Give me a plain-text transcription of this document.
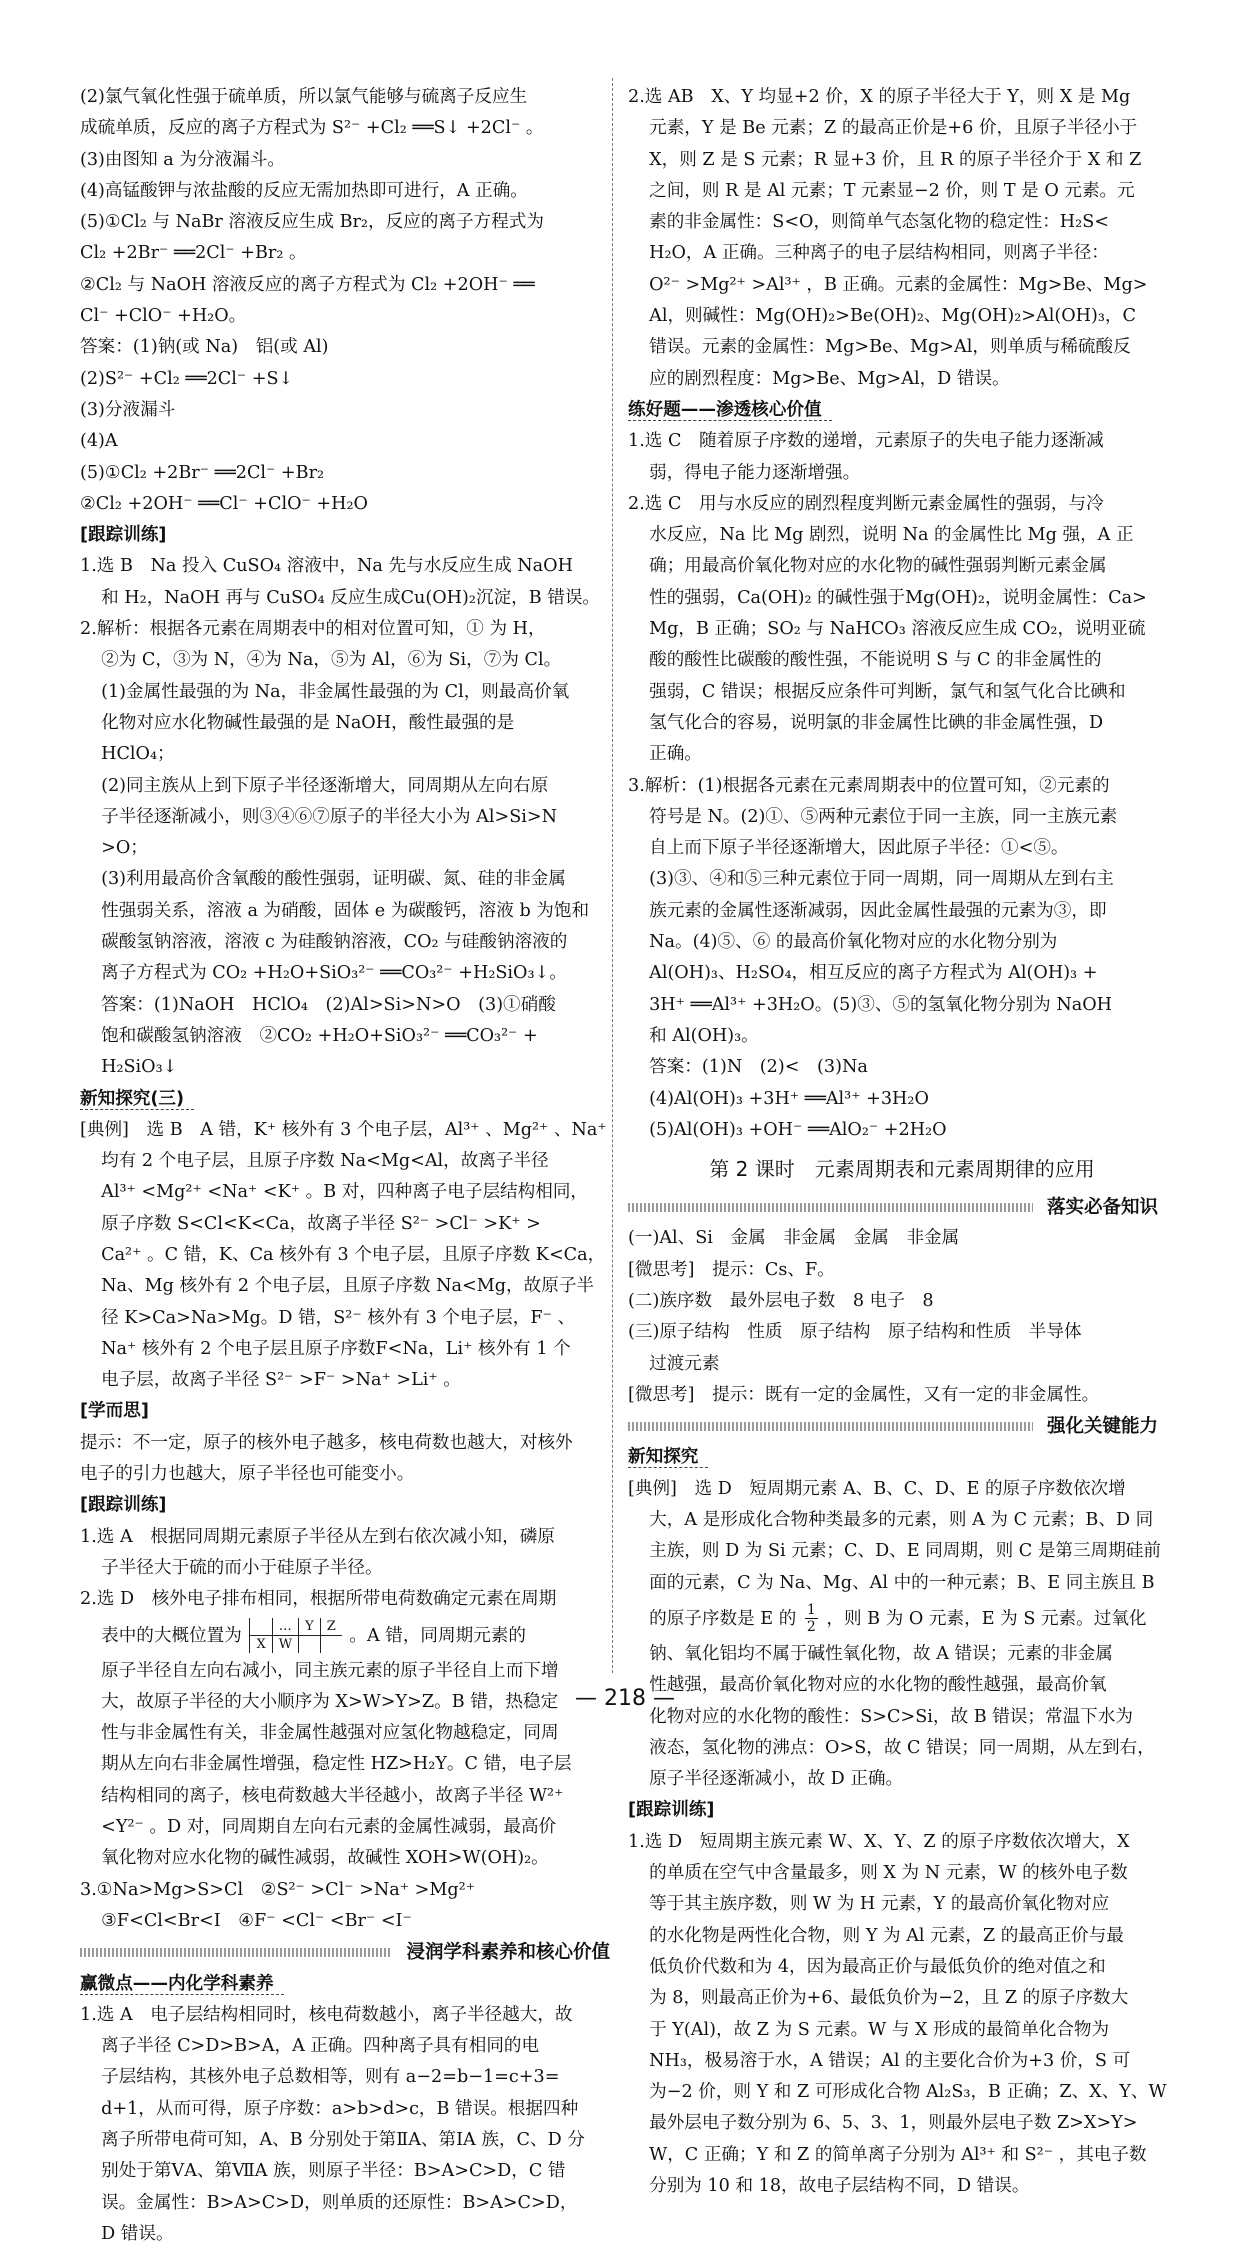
(2)氯气氧化性强于硫单质，所以氯气能够与硫离子反应生
成硫单质，反应的离子方程式为 S²⁻ +Cl₂ ══S↓ +2Cl⁻ 。
(3)由图知 a 为分液漏斗。
(4)高锰酸钾与浓盐酸的反应无需加热即可进行，A 正确。
(5)①Cl₂ 与 NaBr 溶液反应生成 Br₂，反应的离子方程式为
Cl₂ +2Br⁻ ══2Cl⁻ +Br₂ 。
②Cl₂ 与 NaOH 溶液反应的离子方程式为 Cl₂ +2OH⁻ ══
Cl⁻ +ClO⁻ +H₂O。
答案：(1)钠(或 Na)　铝(或 Al)
(2)S²⁻ +Cl₂ ══2Cl⁻ +S↓
(3)分液漏斗
(4)A
(5)①Cl₂ +2Br⁻ ══2Cl⁻ +Br₂
②Cl₂ +2OH⁻ ══Cl⁻ +ClO⁻ +H₂O
[跟踪训练]
1.选 B　Na 投入 CuSO₄ 溶液中，Na 先与水反应生成 NaOH
和 H₂，NaOH 再与 CuSO₄ 反应生成Cu(OH)₂沉淀，B 错误。
2.解析：根据各元素在周期表中的相对位置可知，① 为 H，
②为 C，③为 N，④为 Na，⑤为 Al，⑥为 Si，⑦为 Cl。
(1)金属性最强的为 Na，非金属性最强的为 Cl，则最高价氧
化物对应水化物碱性最强的是 NaOH，酸性最强的是
HClO₄；
(2)同主族从上到下原子半径逐渐增大，同周期从左向右原
子半径逐渐减小，则③④⑥⑦原子的半径大小为 Al>Si>N
>O；
(3)利用最高价含氧酸的酸性强弱，证明碳、氮、硅的非金属
性强弱关系，溶液 a 为硝酸，固体 e 为碳酸钙，溶液 b 为饱和
碳酸氢钠溶液，溶液 c 为硅酸钠溶液，CO₂ 与硅酸钠溶液的
离子方程式为 CO₂ +H₂O+SiO₃²⁻ ══CO₃²⁻ +H₂SiO₃↓。
答案：(1)NaOH　HClO₄　(2)Al>Si>N>O　(3)①硝酸
饱和碳酸氢钠溶液　②CO₂ +H₂O+SiO₃²⁻ ══CO₃²⁻ +
H₂SiO₃↓
新知探究(三)
[典例]　选 B　A 错，K⁺ 核外有 3 个电子层，Al³⁺ 、Mg²⁺ 、Na⁺
均有 2 个电子层，且原子序数 Na<Mg<Al，故离子半径
Al³⁺ <Mg²⁺ <Na⁺ <K⁺ 。B 对，四种离子电子层结构相同，
原子序数 S<Cl<K<Ca，故离子半径 S²⁻ >Cl⁻ >K⁺ >
Ca²⁺ 。C 错，K、Ca 核外有 3 个电子层，且原子序数 K<Ca，
Na、Mg 核外有 2 个电子层，且原子序数 Na<Mg，故原子半
径 K>Ca>Na>Mg。D 错，S²⁻ 核外有 3 个电子层，F⁻ 、
Na⁺ 核外有 2 个电子层且原子序数F<Na，Li⁺ 核外有 1 个
电子层，故离子半径 S²⁻ >F⁻ >Na⁺ >Li⁺ 。
[学而思]
提示：不一定，原子的核外电子越多，核电荷数也越大，对核外
电子的引力也越大，原子半径也可能变小。
[跟踪训练]
1.选 A　根据同周期元素原子半径从左到右依次减小知，磷原
子半径大于硫的而小于硅原子半径。
2.选 D　核外电子排布相同，根据所带电荷数确定元素在周期
表中的大概位置为
		…	Y	Z
X	W			。A 错，同周期元素的
原子半径自左向右减小，同主族元素的原子半径自上而下增
大，故原子半径的大小顺序为 X>W>Y>Z。B 错，热稳定
性与非金属性有关，非金属性越强对应氢化物越稳定，同周
期从左向右非金属性增强，稳定性 HZ>H₂Y。C 错，电子层
结构相同的离子，核电荷数越大半径越小，故离子半径 W²⁺
<Y²⁻ 。D 对，同周期自左向右元素的金属性减弱，最高价
氧化物对应水化物的碱性减弱，故碱性 XOH>W(OH)₂。
3.①Na>Mg>S>Cl　②S²⁻ >Cl⁻ >Na⁺ >Mg²⁺
③F<Cl<Br<I　④F⁻ <Cl⁻ <Br⁻ <I⁻
浸润学科素养和核心价值
赢微点——内化学科素养
1.选 A　电子层结构相同时，核电荷数越小，离子半径越大，故
离子半径 C>D>B>A，A 正确。四种离子具有相同的电
子层结构，其核外电子总数相等，则有 a−2=b−1=c+3=
d+1，从而可得，原子序数：a>b>d>c，B 错误。根据四种
离子所带电荷可知，A、B 分别处于第ⅡA、第ⅠA 族，C、D 分
别处于第ⅤA、第ⅦA 族，则原子半径：B>A>C>D，C 错
误。金属性：B>A>C>D，则单质的还原性：B>A>C>D，
D 错误。
2.选 AB　X、Y 均显+2 价，X 的原子半径大于 Y，则 X 是 Mg
元素，Y 是 Be 元素；Z 的最高正价是+6 价，且原子半径小于
X，则 Z 是 S 元素；R 显+3 价，且 R 的原子半径介于 X 和 Z
之间，则 R 是 Al 元素；T 元素显−2 价，则 T 是 O 元素。元
素的非金属性：S<O，则简单气态氢化物的稳定性：H₂S<
H₂O，A 正确。三种离子的电子层结构相同，则离子半径：
O²⁻ >Mg²⁺ >Al³⁺ ，B 正确。元素的金属性：Mg>Be、Mg>
Al，则碱性：Mg(OH)₂>Be(OH)₂、Mg(OH)₂>Al(OH)₃，C
错误。元素的金属性：Mg>Be、Mg>Al，则单质与稀硫酸反
应的剧烈程度：Mg>Be、Mg>Al，D 错误。
练好题——渗透核心价值
1.选 C　随着原子序数的递增，元素原子的失电子能力逐渐减
弱，得电子能力逐渐增强。
2.选 C　用与水反应的剧烈程度判断元素金属性的强弱，与冷
水反应，Na 比 Mg 剧烈，说明 Na 的金属性比 Mg 强，A 正
确；用最高价氧化物对应的水化物的碱性强弱判断元素金属
性的强弱，Ca(OH)₂ 的碱性强于Mg(OH)₂，说明金属性：Ca>
Mg，B 正确；SO₂ 与 NaHCO₃ 溶液反应生成 CO₂，说明亚硫
酸的酸性比碳酸的酸性强，不能说明 S 与 C 的非金属性的
强弱，C 错误；根据反应条件可判断，氯气和氢气化合比碘和
氢气化合的容易，说明氯的非金属性比碘的非金属性强，D
正确。
3.解析：(1)根据各元素在元素周期表中的位置可知，②元素的
符号是 N。(2)①、⑤两种元素位于同一主族，同一主族元素
自上而下原子半径逐渐增大，因此原子半径：①<⑤。
(3)③、④和⑤三种元素位于同一周期，同一周期从左到右主
族元素的金属性逐渐减弱，因此金属性最强的元素为③，即
Na。(4)⑤、⑥ 的最高价氧化物对应的水化物分别为
Al(OH)₃、H₂SO₄，相互反应的离子方程式为 Al(OH)₃ +
3H⁺ ══Al³⁺ +3H₂O。(5)③、⑤的氢氧化物分别为 NaOH
和 Al(OH)₃。
答案：(1)N　(2)<　(3)Na
(4)Al(OH)₃ +3H⁺ ══Al³⁺ +3H₂O
(5)Al(OH)₃ +OH⁻ ══AlO₂⁻ +2H₂O
第 2 课时　元素周期表和元素周期律的应用
落实必备知识
(一)Al、Si　金属　非金属　金属　非金属
[微思考]　提示：Cs、F。
(二)族序数　最外层电子数　8 电子　8
(三)原子结构　性质　原子结构　原子结构和性质　半导体
过渡元素
[微思考]　提示：既有一定的金属性，又有一定的非金属性。
强化关键能力
新知探究
[典例]　选 D　短周期元素 A、B、C、D、E 的原子序数依次增
大，A 是形成化合物种类最多的元素，则 A 为 C 元素；B、D 同
主族，则 D 为 Si 元素；C、D、E 同周期，则 C 是第三周期硅前
面的元素，C 为 Na、Mg、Al 中的一种元素；B、E 同主族且 B
的原子序数是 E 的 $\frac{1}{2}$ ，则 B 为 O 元素，E 为 S 元素。过氧化
钠、氧化铝均不属于碱性氧化物，故 A 错误；元素的非金属
性越强，最高价氧化物对应的水化物的酸性越强，最高价氧
化物对应的水化物的酸性：S>C>Si，故 B 错误；常温下水为
液态，氢化物的沸点：O>S，故 C 错误；同一周期，从左到右，
原子半径逐渐减小，故 D 正确。
[跟踪训练]
1.选 D　短周期主族元素 W、X、Y、Z 的原子序数依次增大，X
的单质在空气中含量最多，则 X 为 N 元素，W 的核外电子数
等于其主族序数，则 W 为 H 元素，Y 的最高价氧化物对应
的水化物是两性化合物，则 Y 为 Al 元素，Z 的最高正价与最
低负价代数和为 4，因为最高正价与最低负价的绝对值之和
为 8，则最高正价为+6、最低负价为−2，且 Z 的原子序数大
于 Y(Al)，故 Z 为 S 元素。W 与 X 形成的最简单化合物为
NH₃，极易溶于水，A 错误；Al 的主要化合价为+3 价，S 可
为−2 价，则 Y 和 Z 可形成化合物 Al₂S₃，B 正确；Z、X、Y、W
最外层电子数分别为 6、5、3、1，则最外层电子数 Z>X>Y>
W，C 正确；Y 和 Z 的简单离子分别为 Al³⁺ 和 S²⁻ ，其电子数
分别为 10 和 18，故电子层结构不同，D 错误。
— 218 —
